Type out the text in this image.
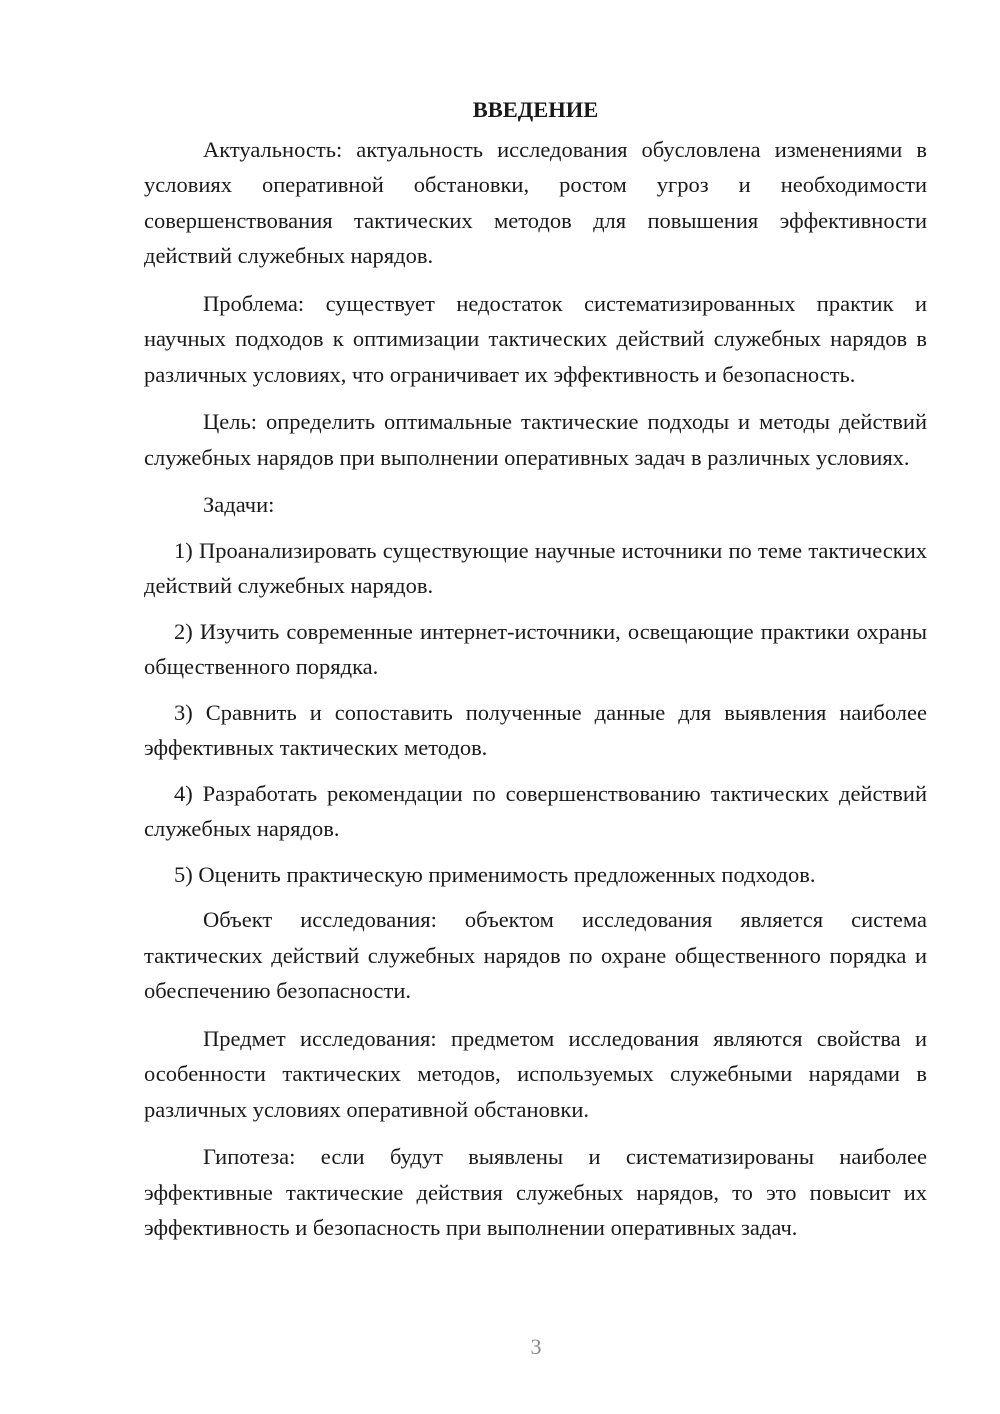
ВВЕДЕНИЕ

Актуальность: актуальность исследования обусловлена изменениями в условиях оперативной обстановки, ростом угроз и необходимости совершенствования тактических методов для повышения эффективности действий служебных нарядов.

Проблема: существует недостаток систематизированных практик и научных подходов к оптимизации тактических действий служебных нарядов в различных условиях, что ограничивает их эффективность и безопасность.

Цель: определить оптимальные тактические подходы и методы действий служебных нарядов при выполнении оперативных задач в различных условиях.

Задачи:

1) Проанализировать существующие научные источники по теме тактических действий служебных нарядов.

2) Изучить современные интернет-источники, освещающие практики охраны общественного порядка.

3) Сравнить и сопоставить полученные данные для выявления наиболее эффективных тактических методов.

4) Разработать рекомендации по совершенствованию тактических действий служебных нарядов.

5) Оценить практическую применимость предложенных подходов.

Объект исследования: объектом исследования является система тактических действий служебных нарядов по охране общественного порядка и обеспечению безопасности.

Предмет исследования: предметом исследования являются свойства и особенности тактических методов, используемых служебными нарядами в различных условиях оперативной обстановки.

Гипотеза: если будут выявлены и систематизированы наиболее эффективные тактические действия служебных нарядов, то это повысит их эффективность и безопасность при выполнении оперативных задач.

3
